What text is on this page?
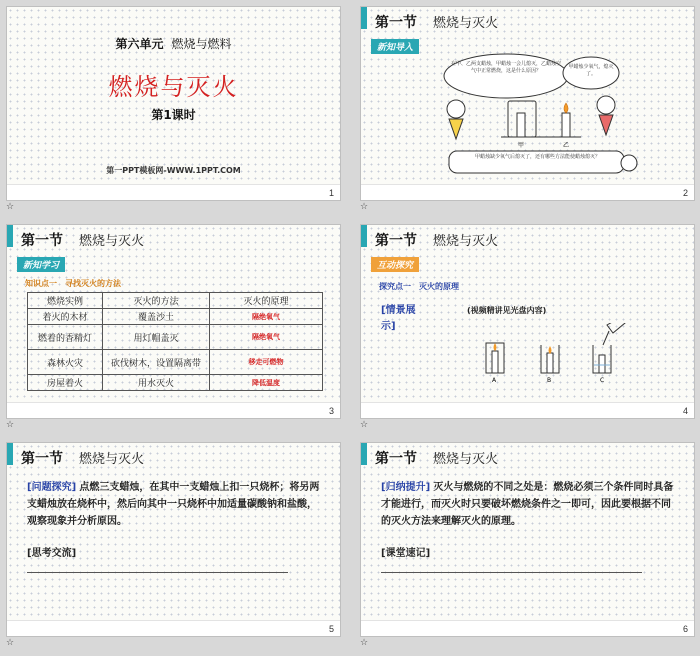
第六单元 燃烧与燃料
燃烧与灭火
第1课时
第一PPT模板网-WWW.1PPT.COM
1
☆
第一节 燃烧与灭火
新知导入
在甲、乙两支蜡烛，甲蜡烛一会儿熄灭，乙蜡烛空气中正常燃烧，这是什么原因？
甲蜡烛少氧气，熄灭了。
甲蜡烛缺少氧气后熄灭了，还有哪些方法能使蜡烛熄灭？
甲	乙
2
☆
第一节 燃烧与灭火
新知学习
知识点一　寻找灭火的方法
燃烧实例	灭火的方法	灭火的原理
着火的木材	覆盖沙土	隔绝氧气
燃着的香精灯	用灯帽盖灭	隔绝氧气
森林火灾	砍伐树木，设置隔离带	移走可燃物
房屋着火	用水灭火	降低温度
3
☆
第一节 燃烧与灭火
互动探究
探究点一　灭火的原理
[情景展示]
(视频精讲见光盘内容)
A	B	C
4
☆
第一节 燃烧与灭火
[问题探究] 点燃三支蜡烛，在其中一支蜡烛上扣一只烧杯；将另两支蜡烛放在烧杯中，然后向其中一只烧杯中加适量碳酸钠和盐酸，观察现象并分析原因。
[思考交流]
5
☆
第一节 燃烧与灭火
[归纳提升] 灭火与燃烧的不同之处是：燃烧必须三个条件同时具备才能进行，而灭火时只要破坏燃烧条件之一即可，因此要根据不同的灭火方法来理解灭火的原理。
[课堂速记]
6
☆
